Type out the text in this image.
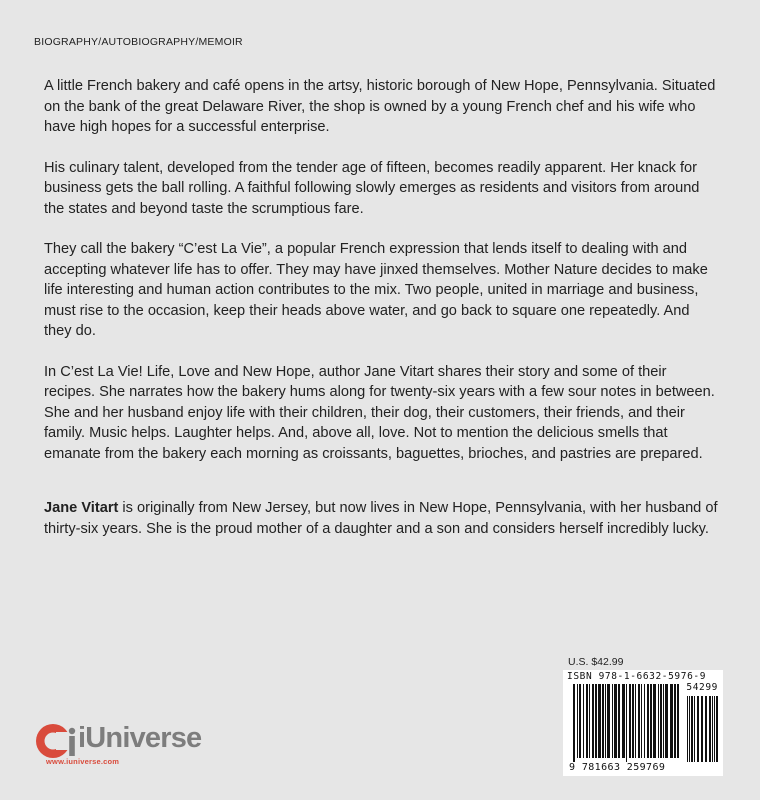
BIOGRAPHY/AUTOBIOGRAPHY/MEMOIR

A little French bakery and café opens in the artsy, historic borough of New Hope, Pennsylvania. Situated on the bank of the great Delaware River, the shop is owned by a young French chef and his wife who have high hopes for a successful enterprise.

His culinary talent, developed from the tender age of fifteen, becomes readily apparent. Her knack for business gets the ball rolling. A faithful following slowly emerges as residents and visitors from around the states and beyond taste the scrumptious fare.

They call the bakery “C’est La Vie”, a popular French expression that lends itself to dealing with and accepting whatever life has to offer. They may have jinxed themselves. Mother Nature decides to make life interesting and human action contributes to the mix. Two people, united in marriage and business, must rise to the occasion, keep their heads above water, and go back to square one repeatedly. And they do.

In C’est La Vie! Life, Love and New Hope, author Jane Vitart shares their story and some of their recipes. She narrates how the bakery hums along for twenty-six years with a few sour notes in between. She and her husband enjoy life with their children, their dog, their customers, their friends, and their family. Music helps. Laughter helps. And, above all, love. Not to mention the delicious smells that emanate from the bakery each morning as croissants, baguettes, brioches, and pastries are prepared.

Jane Vitart is originally from New Jersey, but now lives in New Hope, Pennsylvania, with her husband of thirty-six years. She is the proud mother of a daughter and a son and considers herself incredibly lucky.

iUniverse
www.iuniverse.com
U.S. $42.99
ISBN 978-1-6632-5976-9
54299
9 781663 259769
